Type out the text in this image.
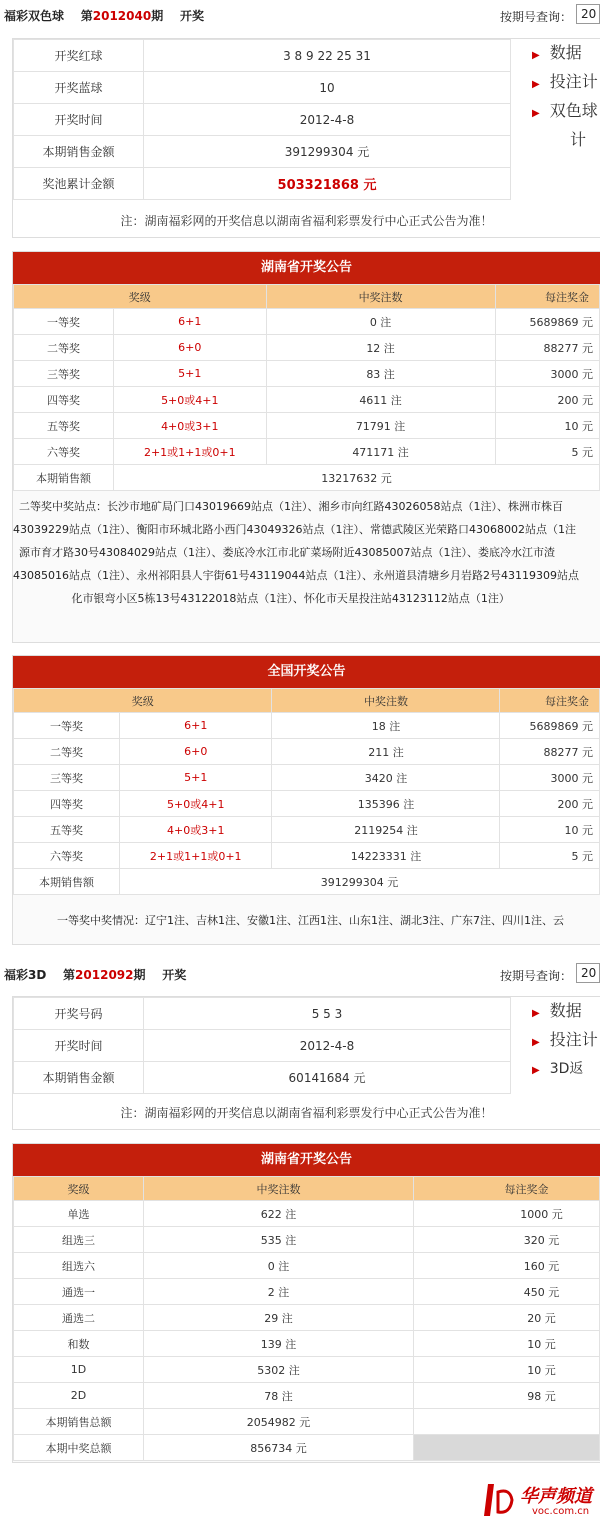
福彩双色球 第2012040期 开奖	按期号查询： 20
开奖红球	3 8 9 22 25 31
开奖蓝球	10
开奖时间	2012-4-8
本期销售金额	391299304 元
奖池累计金额	503321868 元
▶ 数据
▶ 投注计
▶ 双色球
计
注：湖南福彩网的开奖信息以湖南省福利彩票发行中心正式公告为准！
湖南省开奖公告
奖级		中奖注数	每注奖金
一等奖	6+1	0 注	5689869 元
二等奖	6+0	12 注	88277 元
三等奖	5+1	83 注	3000 元
四等奖	5+0或4+1	4611 注	200 元
五等奖	4+0或3+1	71791 注	10 元
六等奖	2+1或1+1或0+1	471171 注	5 元
本期销售额	13217632 元		
二等奖中奖站点：长沙市地矿局门口43019669站点（1注）、湘乡市向红路43026058站点（1注）、株洲市株百
43039229站点（1注）、衡阳市环城北路小西门43049326站点（1注）、常德武陵区光荣路口43068002站点（1注
源市育才路30号43084029站点（1注）、娄底冷水江市北矿菜场附近43085007站点（1注）、娄底冷水江市渣
43085016站点（1注）、永州祁阳县人宇街61号43119044站点（1注）、永州道县清塘乡月岩路2号43119309站点
化市银弯小区5栋13号43122018站点（1注）、怀化市天星投注站43123112站点（1注）
全国开奖公告
奖级		中奖注数	每注奖金
一等奖	6+1	18 注	5689869 元
二等奖	6+0	211 注	88277 元
三等奖	5+1	3420 注	3000 元
四等奖	5+0或4+1	135396 注	200 元
五等奖	4+0或3+1	2119254 注	10 元
六等奖	2+1或1+1或0+1	14223331 注	5 元
本期销售额	391299304 元		
一等奖中奖情况：辽宁1注、吉林1注、安徽1注、江西1注、山东1注、湖北3注、广东7注、四川1注、云
福彩3D 第2012092期 开奖	按期号查询： 20
开奖号码	5 5 3
开奖时间	2012-4-8
本期销售金额	60141684 元
▶ 数据
▶ 投注计
▶ 3D返
注：湖南福彩网的开奖信息以湖南省福利彩票发行中心正式公告为准！
湖南省开奖公告
奖级	中奖注数	每注奖金
单选	622 注	1000 元
组选三	535 注	320 元
组选六	0 注	160 元
通选一	2 注	450 元
通选二	29 注	20 元
和数	139 注	10 元
1D	5302 注	10 元
2D	78 注	98 元
本期销售总额	2054982 元	
本期中奖总额	856734 元	
华声频道
voc.com.cn
